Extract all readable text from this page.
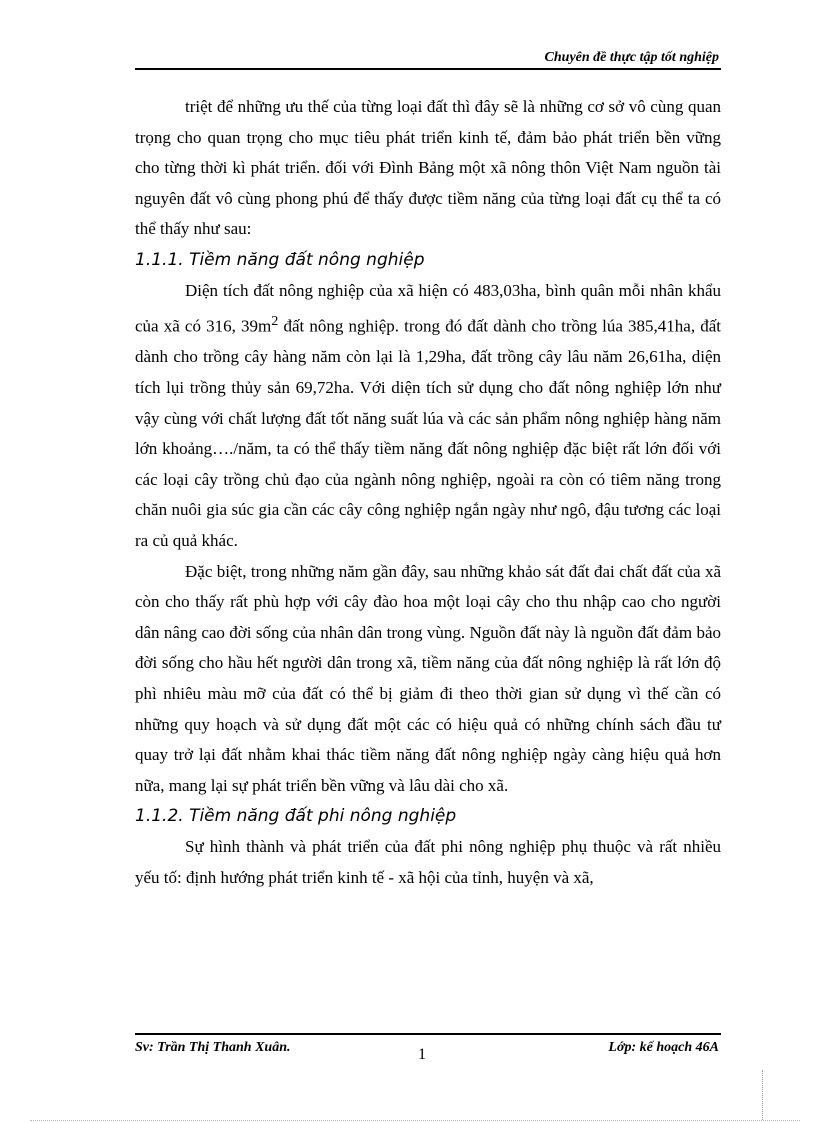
Chuyên đề thực tập tốt nghiệp

triệt để những ưu thế của từng loại đất thì đây sẽ là những cơ sở vô cùng quan trọng cho quan trọng cho mục tiêu phát triển kinh tế, đảm bảo phát triển bền vững cho từng thời kì phát triển. đối với Đình Bảng một xã nông thôn Việt Nam nguồn tài nguyên đất vô cùng phong phú để thấy được tiềm năng của từng loại đất cụ thể ta có thể thấy như sau:

1.1.1. Tiềm năng đất nông nghiệp

Diện tích đất nông nghiệp của xã hiện có 483,03ha, bình quân mỗi nhân khẩu của xã có 316, $39m^2$ đất nông nghiệp. trong đó đất dành cho trồng lúa 385,41ha, đất dành cho trồng cây hàng năm còn lại là 1,29ha, đất trồng cây lâu năm 26,61ha, diện tích lụi trồng thủy sản 69,72ha. Với diện tích sử dụng cho đất nông nghiệp lớn như vậy cùng với chất lượng đất tốt năng suất lúa và các sản phẩm nông nghiệp hàng năm lớn khoảng…./năm, ta có thể thấy tiềm năng đất nông nghiệp đặc biệt rất lớn đối với các loại cây trồng chủ đạo của ngành nông nghiệp, ngoài ra còn có tiêm năng trong chăn nuôi gia súc gia cần các cây công nghiệp ngắn ngày như ngô, đậu tương các loại ra củ quả khác.

Đặc biệt, trong những năm gần đây, sau những khảo sát đất đai chất đất của xã còn cho thấy rất phù hợp với cây đào hoa một loại cây cho thu nhập cao cho người dân nâng cao đời sống của nhân dân trong vùng. Nguồn đất này là nguồn đất đảm bảo đời sống cho hầu hết người dân trong xã, tiềm năng của đất nông nghiệp là rất lớn độ phì nhiêu màu mỡ của đất có thể bị giảm đi theo thời gian sử dụng vì thế cần có những quy hoạch và sử dụng đất một các có hiệu quả có những chính sách đầu tư quay trở lại đất nhằm khai thác tiềm năng đất nông nghiệp ngày càng hiệu quả hơn nữa, mang lại sự phát triển bền vững và lâu dài cho xã.

1.1.2. Tiềm năng đất phi nông nghiệp

Sự hình thành và phát triển của đất phi nông nghiệp phụ thuộc và rất nhiều yếu tố: định hướng phát triển kinh tế - xã hội của tỉnh, huyện và xã,

Sv: Trần Thị Thanh Xuân.	1	Lớp: kế hoạch 46A
